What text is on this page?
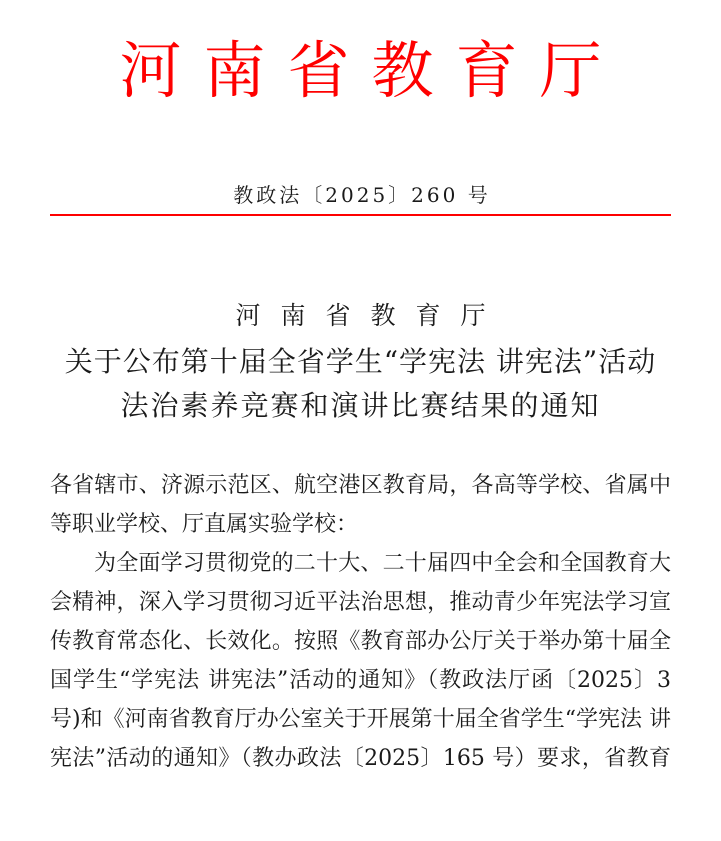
河南省教育厅
教政法〔2025〕260 号
河南省教育厅
关于公布第十届全省学生“学宪法 讲宪法”活动
法治素养竞赛和演讲比赛结果的通知
各省辖市、济源示范区、航空港区教育局，各高等学校、省属中
等职业学校、厅直属实验学校：
为全面学习贯彻党的二十大、二十届四中全会和全国教育大
会精神，深入学习贯彻习近平法治思想，推动青少年宪法学习宣
传教育常态化、长效化。按照《教育部办公厅关于举办第十届全
国学生“学宪法 讲宪法”活动的通知》（教政法厅函〔2025〕3
号)和《河南省教育厅办公室关于开展第十届全省学生“学宪法 讲
宪法”活动的通知》（教办政法〔2025〕165 号）要求，省教育
